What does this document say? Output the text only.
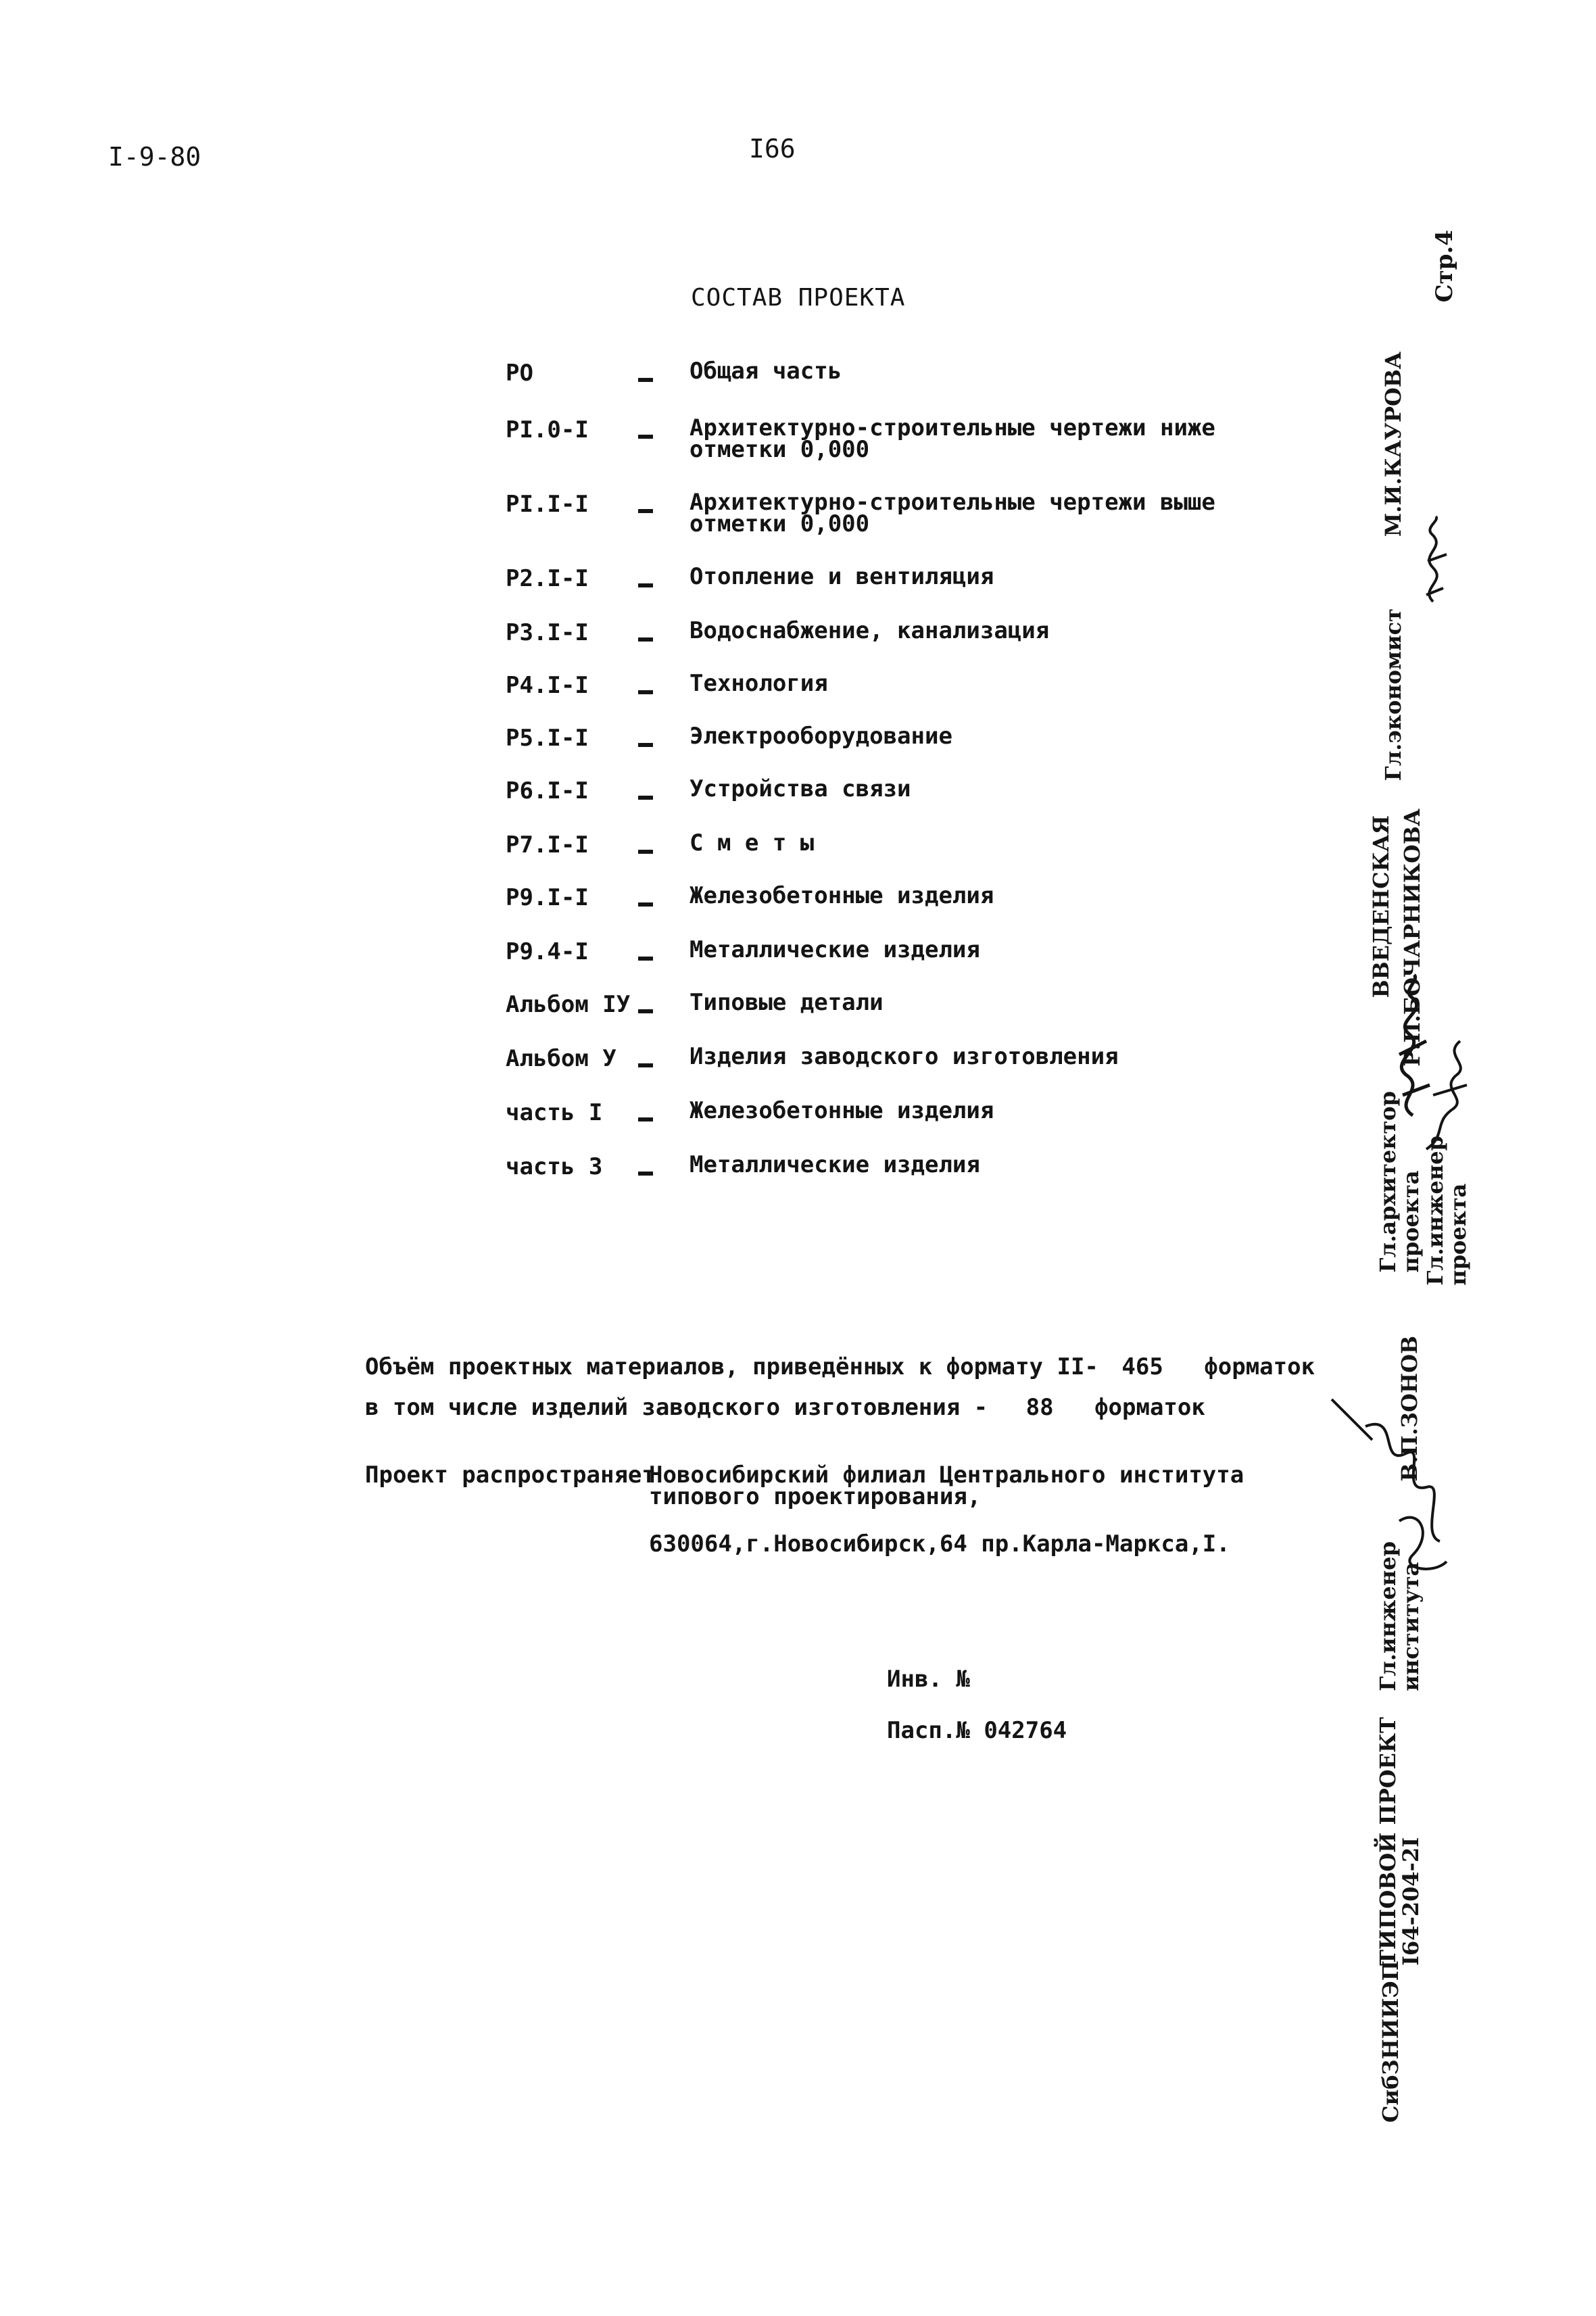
I-9-80	I66
СОСТАВ ПРОЕКТА
PO	Общая часть
PI.0-I	Архитектурно-строительные чертежи ниже
отметки 0,000
PI.I-I	Архитектурно-строительные чертежи выше
отметки 0,000
P2.I-I	Отопление и вентиляция
P3.I-I	Водоснабжение, канализация
P4.I-I	Технология
P5.I-I	Электрооборудование
P6.I-I	Устройства связи
P7.I-I	С м е т ы
P9.I-I	Железобетонные изделия
P9.4-I	Металлические изделия
Альбом IУ	Типовые детали
Альбом У	Изделия заводского изготовления
часть I	Железобетонные изделия
часть 3	Металлические изделия
Объём проектных материалов, приведённых к формату II- 465 форматок
в том числе изделий заводского изготовления - 88 форматок
Проект распространяет
Новосибирский филиал Центрального института
типового проектирования,
630064,г.Новосибирск,64 пр.Карла-Маркса,I.
Инв. №
Пасп.№ 042764
Стр.4
М.И.КАУРОВА
Гл.экономист
Р.П.БОЧАРНИКОВА
ВВЕДЕНСКАЯ
Гл.архитектор
проекта
Гл.инженер
проекта
В.П.ЗОНОВ
Гл.инженер
института
ТИПОВОЙ ПРОЕКТ
I64-204-2I
СибЗНИИЭП
